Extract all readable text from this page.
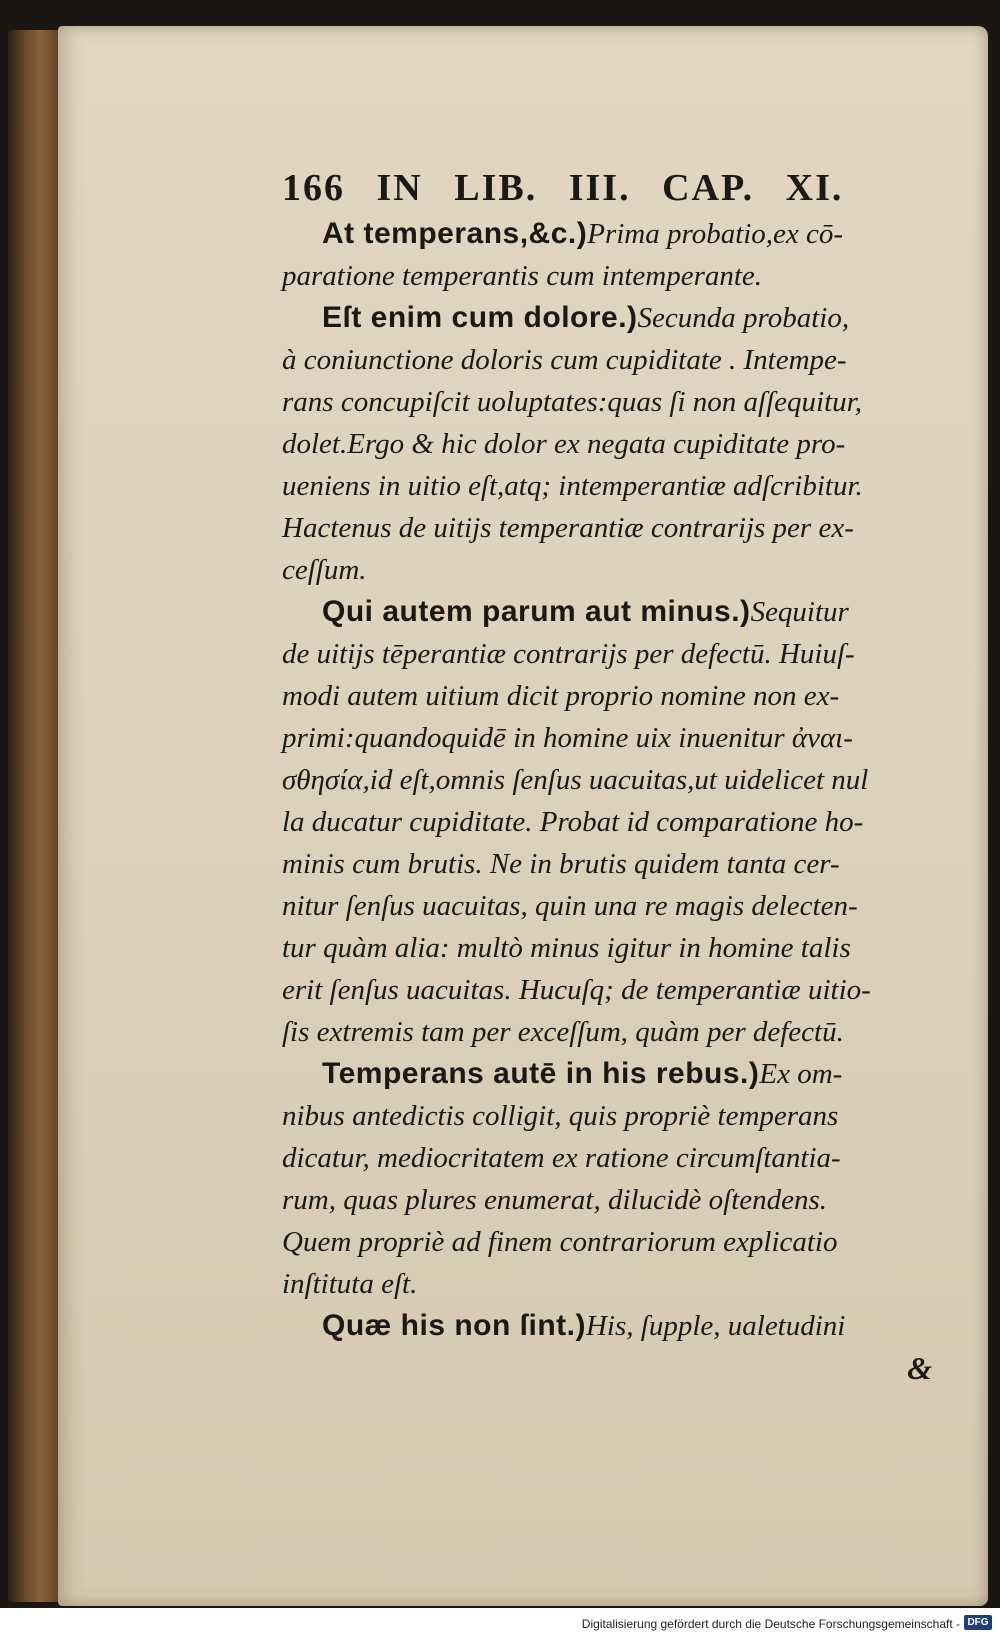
166 IN LIB. III. CAP. XI.
At temperans,&c.)Prima probatio,ex cō-
paratione temperantis cum intemperante.
Eſt enim cum dolore.)Secunda probatio,
à coniunctione doloris cum cupiditate . Intempe-
rans concupiſcit uoluptates:quas ſi non aſſequitur,
dolet.Ergo & hic dolor ex negata cupiditate pro-
ueniens in uitio eſt,atq; intemperantiæ adſcribitur.
Hactenus de uitijs temperantiæ contrarijs per ex-
ceſſum.
Qui autem parum aut minus.)Sequitur
de uitijs tēperantiæ contrarijs per defectū. Huiuſ-
modi autem uitium dicit proprio nomine non ex-
primi:quandoquidē in homine uix inuenitur ἀναι-
σθησία,id eſt,omnis ſenſus uacuitas,ut uidelicet nul
la ducatur cupiditate. Probat id comparatione ho-
minis cum brutis. Ne in brutis quidem tanta cer-
nitur ſenſus uacuitas, quin una re magis delecten-
tur quàm alia: multò minus igitur in homine talis
erit ſenſus uacuitas. Hucuſq; de temperantiæ uitio-
ſis extremis tam per exceſſum, quàm per defectū.
Temperans autē in his rebus.)Ex om-
nibus antedictis colligit, quis propriè temperans
dicatur, mediocritatem ex ratione circumſtantia-
rum, quas plures enumerat, dilucidè oſtendens.
Quem propriè ad finem contrariorum explicatio
inſtituta eſt.
Quæ his non ſint.)His, ſupple, ualetudini
&
Digitalisierung gefördert durch die Deutsche Forschungsgemeinschaft - DFG
